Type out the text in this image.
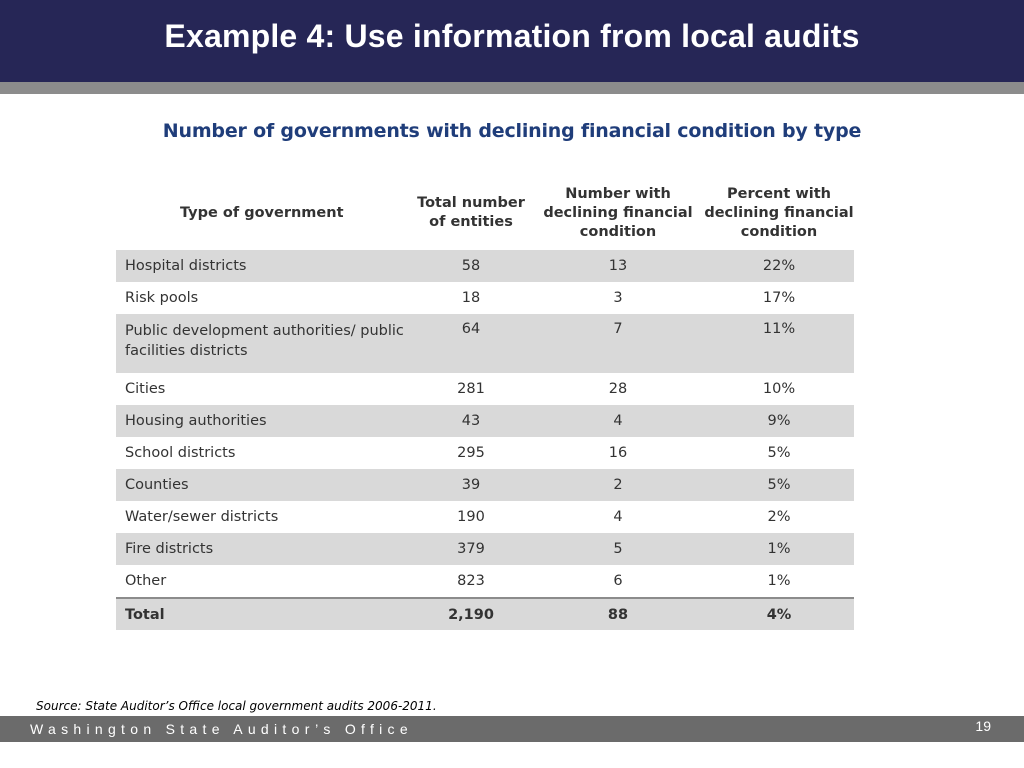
Example 4: Use information from local audits
Number of governments with declining financial condition by type
Type of government	Total number of entities	Number with declining financial condition	Percent with declining financial condition
Hospital districts	58	13	22%
Risk pools	18	3	17%
Public development authorities/ public facilities districts	64	7	11%
Cities	281	28	10%
Housing authorities	43	4	9%
School districts	295	16	5%
Counties	39	2	5%
Water/sewer districts	190	4	2%
Fire districts	379	5	1%
Other	823	6	1%
Total	2,190	88	4%
Source: State Auditor’s Office local government audits 2006-2011.
Washington State Auditor’s Office	19
